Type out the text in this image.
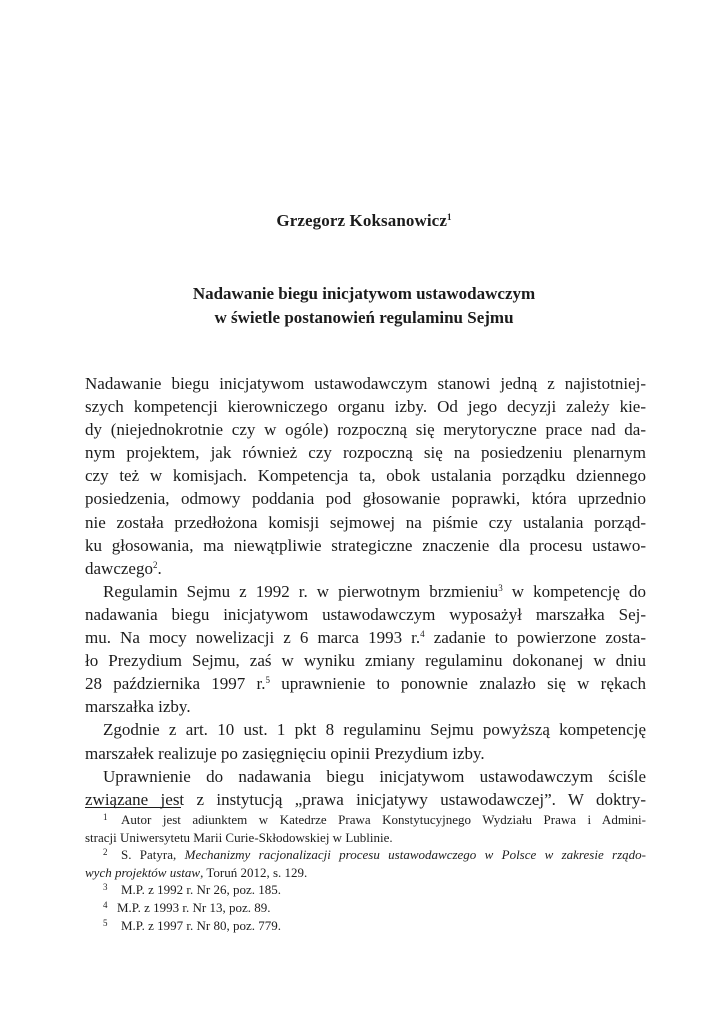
Grzegorz Koksanowicz$^1$
Nadawanie biegu inicjatywom ustawodawczym
w świetle postanowień regulaminu Sejmu
Nadawanie biegu inicjatywom ustawodawczym stanowi jedną z najistotniej-
szych kompetencji kierowniczego organu izby. Od jego decyzji zależy kie-
dy (niejednokrotnie czy w ogóle) rozpoczną się merytoryczne prace nad da-
nym projektem, jak również czy rozpoczną się na posiedzeniu plenarnym
czy też w komisjach. Kompetencja ta, obok ustalania porządku dziennego
posiedzenia, odmowy poddania pod głosowanie poprawki, która uprzednio
nie została przedłożona komisji sejmowej na piśmie czy ustalania porząd-
ku głosowania, ma niewątpliwie strategiczne znaczenie dla procesu ustawo-
dawczego$^2$.
Regulamin Sejmu z 1992 r. w pierwotnym brzmieniu$^3$ w kompetencję do
nadawania biegu inicjatywom ustawodawczym wyposażył marszałka Sej-
mu. Na mocy nowelizacji z 6 marca 1993 r.$^4$ zadanie to powierzone zosta-
ło Prezydium Sejmu, zaś w wyniku zmiany regulaminu dokonanej w dniu
28 października 1997 r.$^5$ uprawnienie to ponownie znalazło się w rękach
marszałka izby.
Zgodnie z art. 10 ust. 1 pkt 8 regulaminu Sejmu powyższą kompetencję
marszałek realizuje po zasięgnięciu opinii Prezydium izby.
Uprawnienie do nadawania biegu inicjatywom ustawodawczym ściśle
związane jest z instytucją „prawa inicjatywy ustawodawczej”. W doktry-
1 Autor jest adiunktem w Katedrze Prawa Konstytucyjnego Wydziału Prawa i Admini-
stracji Uniwersytetu Marii Curie-Skłodowskiej w Lublinie.
2 S. Patyra, Mechanizmy racjonalizacji procesu ustawodawczego w Polsce w zakresie rządo-
wych projektów ustaw, Toruń 2012, s. 129.
3 M.P. z 1992 r. Nr 26, poz. 185.
4 M.P. z 1993 r. Nr 13, poz. 89.
5 M.P. z 1997 r. Nr 80, poz. 779.
